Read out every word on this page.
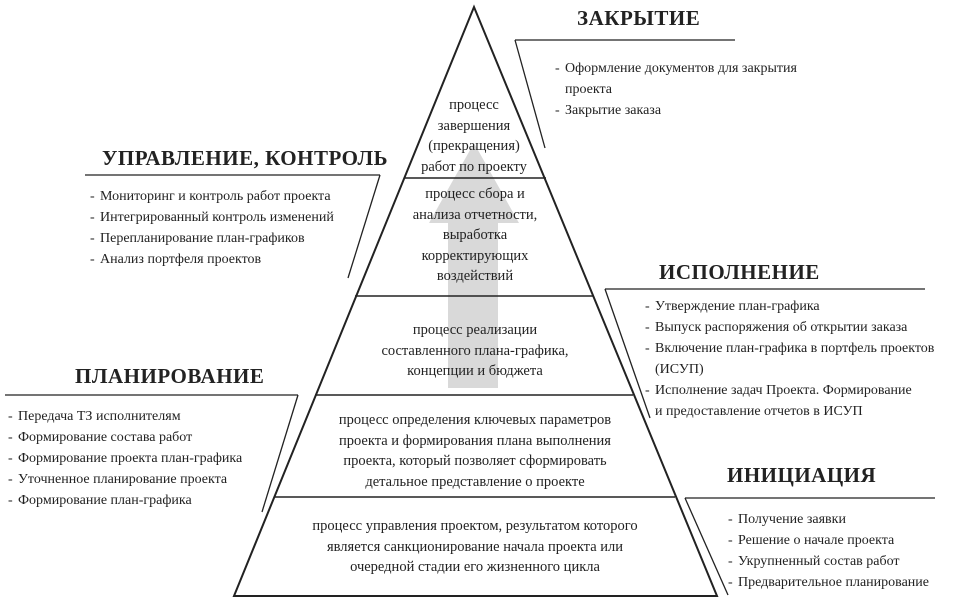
ЗАКРЫТИЕ
УПРАВЛЕНИЕ, КОНТРОЛЬ
ИСПОЛНЕНИЕ
ПЛАНИРОВАНИЕ
ИНИЦИАЦИЯ
- Оформление документов для закрытия
проекта
- Закрытие заказа
- Мониторинг и контроль работ проекта
- Интегрированный контроль изменений
- Перепланирование план-графиков
- Анализ портфеля проектов
- Утверждение план-графика
- Выпуск распоряжения об открытии заказа
- Включение план-графика в портфель проектов
(ИСУП)
- Исполнение задач Проекта. Формирование
и предоставление отчетов в ИСУП
- Передача ТЗ исполнителям
- Формирование состава работ
- Формирование проекта план-графика
- Уточненное планирование проекта
- Формирование план-графика
- Получение заявки
- Решение о начале проекта
- Укрупненный состав работ
- Предварительное планирование
процесс
завершения
(прекращения)
работ по проекту
процесс сбора и
анализа отчетности,
выработка
корректирующих
воздействий
процесс реализации
составленного плана-графика,
концепции и бюджета
процесс определения ключевых параметров
проекта и формирования плана выполнения
проекта, который позволяет сформировать
детальное представление о проекте
процесс управления проектом, результатом которого
является санкционирование начала проекта или
очередной стадии его жизненного цикла
